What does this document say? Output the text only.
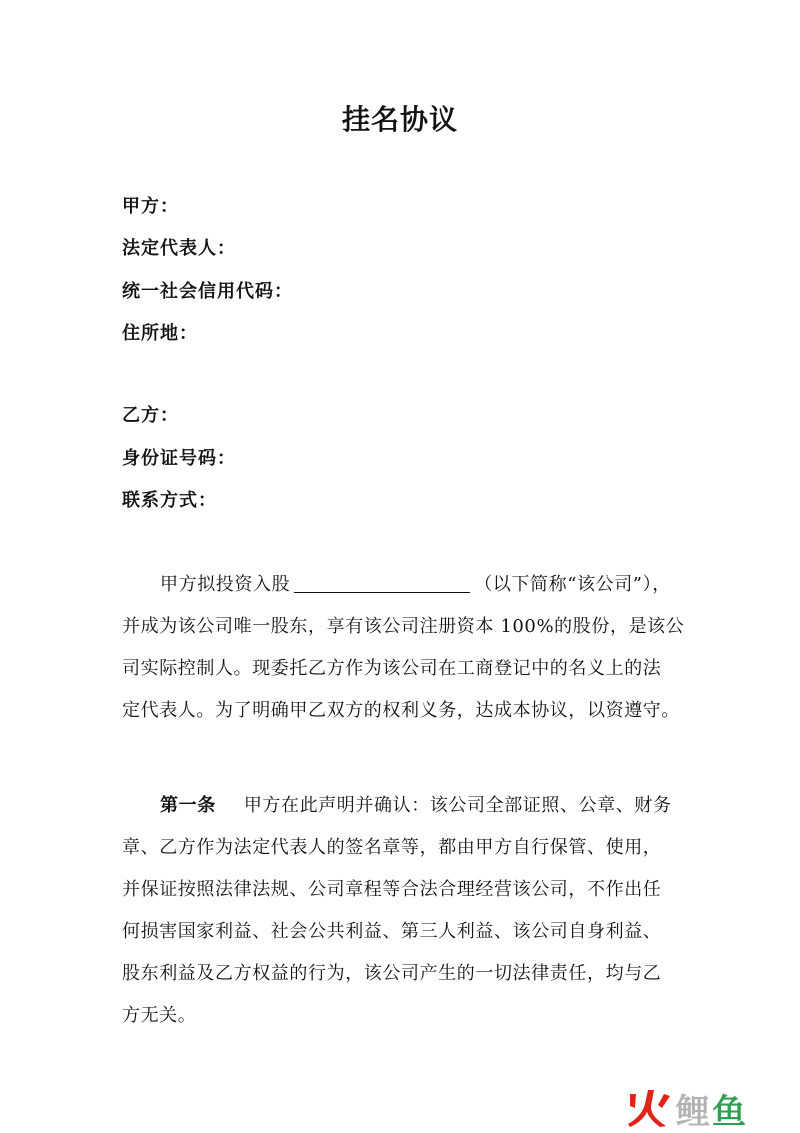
挂名协议
甲方：
法定代表人：
统一社会信用代码：
住所地：
乙方：
身份证号码：
联系方式：
甲方拟投资入股	（以下简称“该公司”），
并成为该公司唯一股东，享有该公司注册资本 100%的股份，是该公
司实际控制人。现委托乙方作为该公司在工商登记中的名义上的法
定代表人。为了明确甲乙双方的权利义务，达成本协议，以资遵守。
第一条 甲方在此声明并确认：该公司全部证照、公章、财务
章、乙方作为法定代表人的签名章等，都由甲方自行保管、使用，
并保证按照法律法规、公司章程等合法合理经营该公司，不作出任
何损害国家利益、社会公共利益、第三人利益、该公司自身利益、
股东利益及乙方权益的行为，该公司产生的一切法律责任，均与乙
方无关。
鲤鱼
